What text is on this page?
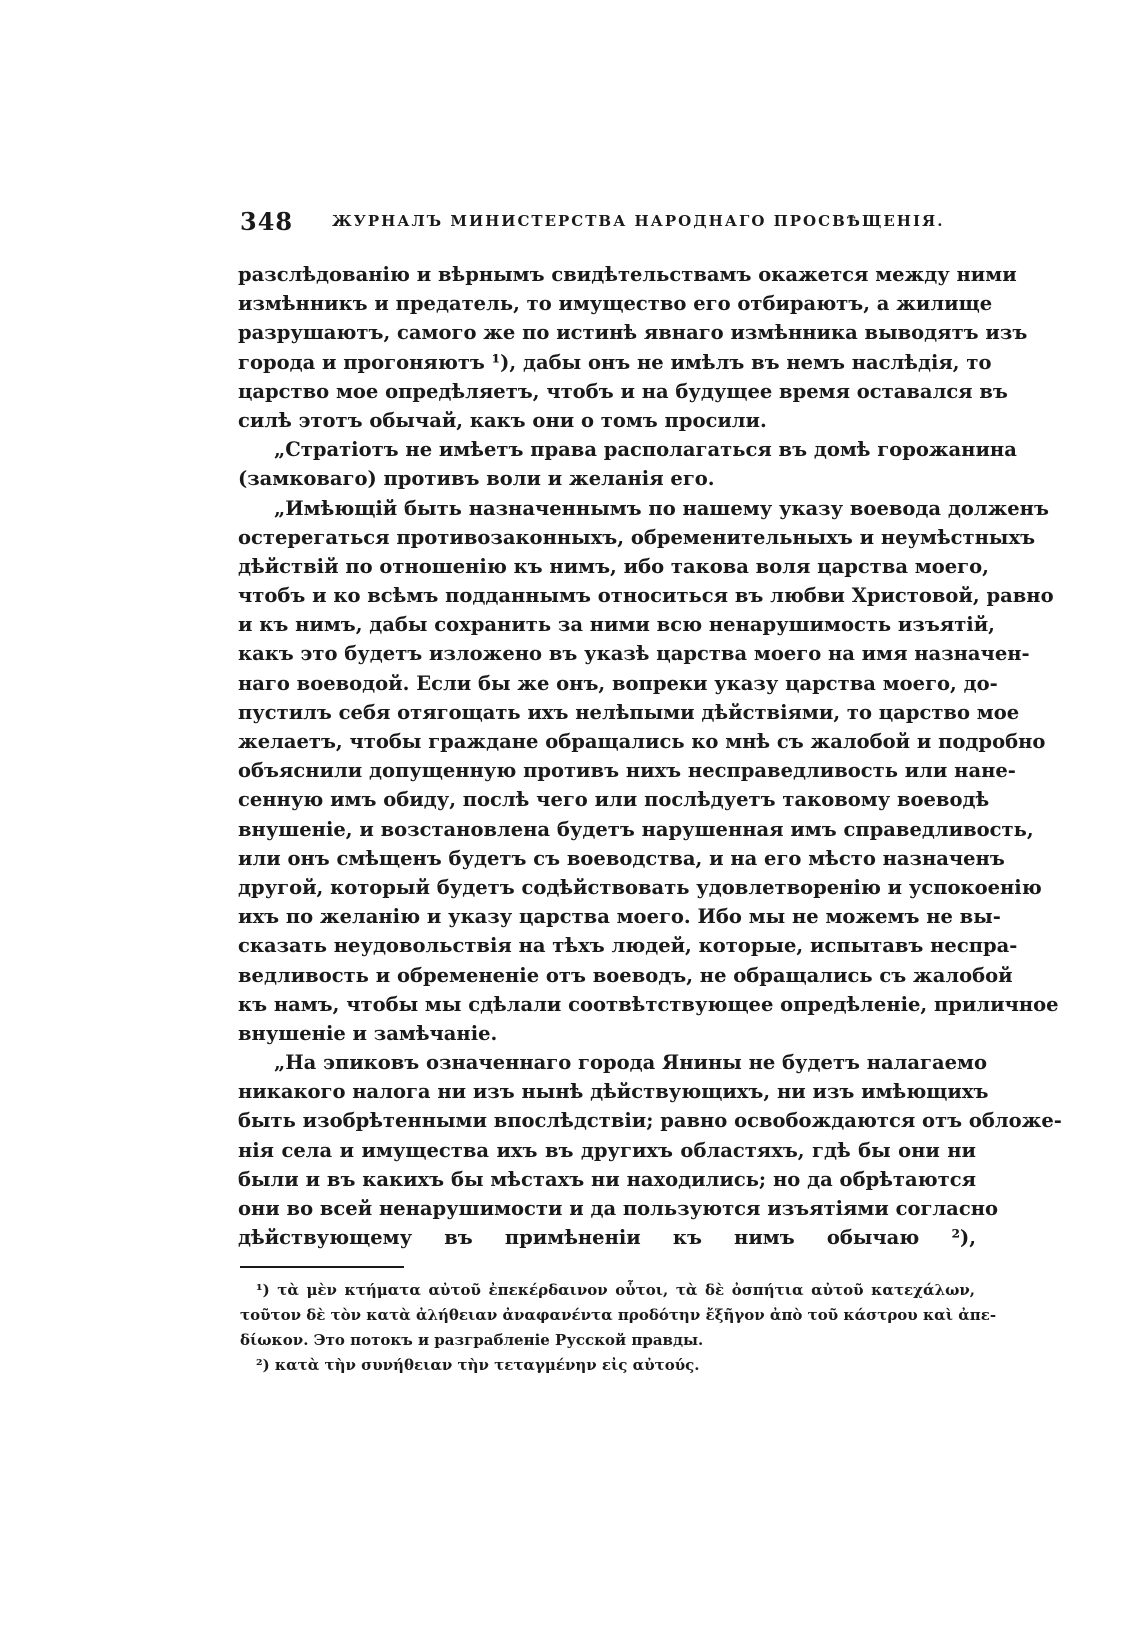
348	ЖУРНАЛЪ МИНИСТЕРСТВА НАРОДНАГО ПРОСВѢЩЕНІЯ.
разслѣдованію и вѣрнымъ свидѣтельствамъ окажется между ними
измѣнникъ и предатель, то имущество его отбираютъ, а жилище
разрушаютъ, самого же по истинѣ явнаго измѣнника выводятъ изъ
города и прогоняютъ ¹), дабы онъ не имѣлъ въ немъ наслѣдія, то
царство мое опредѣляетъ, чтобъ и на будущее время оставался въ
силѣ этотъ обычай, какъ они о томъ просили.
„Стратіотъ не имѣетъ права располагаться въ домѣ горожанина
(замковаго) противъ воли и желанія его.
„Имѣющій быть назначеннымъ по нашему указу воевода долженъ
остерегаться противозаконныхъ, обременительныхъ и неумѣстныхъ
дѣйствій по отношенію къ нимъ, ибо такова воля царства моего,
чтобъ и ко всѣмъ подданнымъ относиться въ любви Христовой, равно
и къ нимъ, дабы сохранить за ними всю ненарушимость изъятій,
какъ это будетъ изложено въ указѣ царства моего на имя назначен-
наго воеводой. Если бы же онъ, вопреки указу царства моего, до-
пустилъ себя отягощать ихъ нелѣпыми дѣйствіями, то царство мое
желаетъ, чтобы граждане обращались ко мнѣ съ жалобой и подробно
объяснили допущенную противъ нихъ несправедливость или нане-
сенную имъ обиду, послѣ чего или послѣдуетъ таковому воеводѣ
внушеніе, и возстановлена будетъ нарушенная имъ справедливость,
или онъ смѣщенъ будетъ съ воеводства, и на его мѣсто назначенъ
другой, который будетъ содѣйствовать удовлетворенію и успокоенію
ихъ по желанію и указу царства моего. Ибо мы не можемъ не вы-
сказать неудовольствія на тѣхъ людей, которые, испытавъ неспра-
ведливость и обремененіе отъ воеводъ, не обращались съ жалобой
къ намъ, чтобы мы сдѣлали соотвѣтствующее опредѣленіе, приличное
внушеніе и замѣчаніе.
„На эпиковъ означеннаго города Янины не будетъ налагаемо
никакого налога ни изъ нынѣ дѣйствующихъ, ни изъ имѣющихъ
быть изобрѣтенными впослѣдствіи; равно освобождаются отъ обложе-
нія села и имущества ихъ въ другихъ областяхъ, гдѣ бы они ни
были и въ какихъ бы мѣстахъ ни находились; но да обрѣтаются
они во всей ненарушимости и да пользуются изъятіями согласно
дѣйствующему въ примѣненіи къ нимъ обычаю ²),
¹) τὰ μὲν κτήματα αὐτοῦ ἐπεκέρδαινον οὗτοι, τὰ δὲ ὀσπήτια αὐτοῦ κατεχάλων,
τοῦτον δὲ τὸν κατὰ ἀλήθειαν ἀναφανέντα προδότην ἔξῆγον ἀπὸ τοῦ κάστρου καὶ ἀπε-
δίωκον. Это потокъ и разграбленіе Русской правды.
²) κατὰ τὴν συνήθειαν τὴν τεταγμένην εἰς αὐτούς.
